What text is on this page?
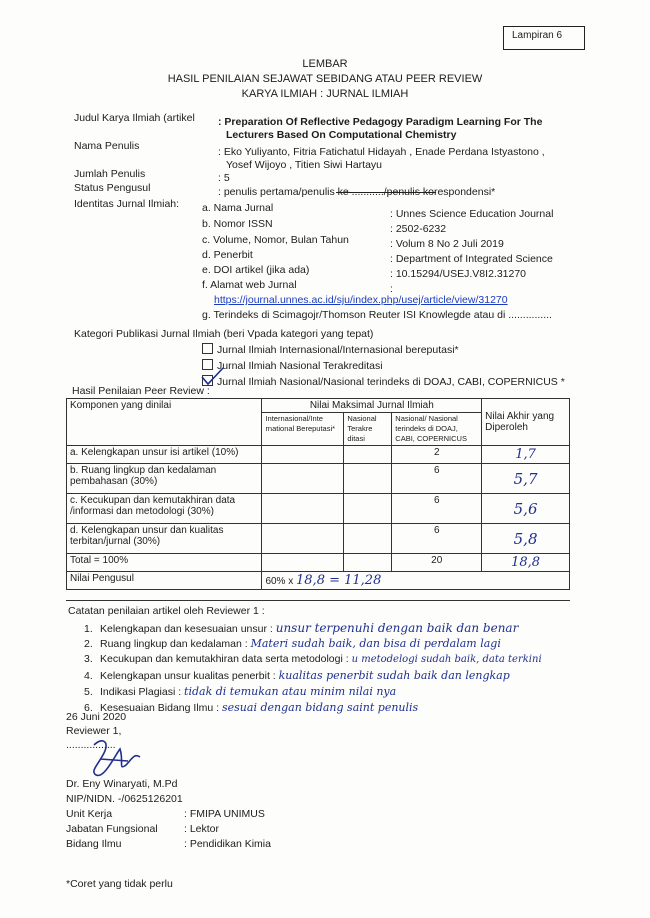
Lampiran 6
LEMBAR
HASIL PENILAIAN SEJAWAT SEBIDANG ATAU PEER REVIEW
KARYA ILMIAH : JURNAL ILMIAH
Judul Karya Ilmiah (artikel : Preparation Of Reflective Pedagogy Paradigm Learning For The
Lecturers Based On Computational Chemistry
Nama Penulis	: Eko Yuliyanto, Fitria Fatichatul Hidayah , Enade Perdana Istyastono ,
Yosef Wijoyo , Titien Siwi Hartayu
Jumlah Penulis	: 5
Status Pengusul	: penulis pertama/penulis ke .........../penulis korespondensi*
Identitas Jurnal Ilmiah: a. Nama Jurnal	: Unnes Science Education Journal
b. Nomor ISSN	: 2502-6232
c. Volume, Nomor, Bulan Tahun	: Volum 8 No 2 Juli 2019
d. Penerbit	: Department of Integrated Science
e. DOI artikel (jika ada)	: 10.15294/USEJ.V8I2.31270
f. Alamat web Jurnal	:
https://journal.unnes.ac.id/sju/index.php/usej/article/view/31270
g. Terindeks di Scimagojr/Thomson Reuter ISI Knowlegde atau di ...............
Kategori Publikasi Jurnal Ilmiah (beri Vpada kategori yang tepat)
Jurnal Ilmiah Internasional/Internasional bereputasi*
Jurnal Ilmiah Nasional Terakreditasi
Jurnal Ilmiah Nasional/Nasional terindeks di DOAJ, CABI, COPERNICUS *
Hasil Penilaian Peer Review :
Komponen yang dinilai	Nilai Maksimal Jurnal Ilmiah			Nilai Akhir yang Diperoleh
	Internasional/Inte rnational Bereputasi*	Nasional Terakre ditasi	Nasional/ Nasional terindeks di DOAJ, CABI, COPERNICUS	
a. Kelengkapan unsur isi artikel (10%)			2	1,7
b. Ruang lingkup dan kedalaman pembahasan (30%)			6	5,7
c. Kecukupan dan kemutakhiran data /informasi dan metodologi (30%)			6	5,6
d. Kelengkapan unsur dan kualitas terbitan/jurnal (30%)			6	5,8
Total = 100%			20	18,8
Nilai Pengusul	60% x 18,8 = 11,28			
Catatan penilaian artikel oleh Reviewer 1 :
1. Kelengkapan dan kesesuaian unsur : unsur terpenuhi dengan baik dan benar
2. Ruang lingkup dan kedalaman : Materi sudah baik, dan bisa di perdalam lagi
3. Kecukupan dan kemutakhiran data serta metodologi : u metodelogi sudah baik, data terkini
4. Kelengkapan unsur kualitas penerbit : kualitas penerbit sudah baik dan lengkap
5. Indikasi Plagiasi : tidak di temukan atau minim nilai nya
6. Kesesuaian Bidang Ilmu : sesuai dengan bidang saint penulis
26 Juni 2020
Reviewer 1,
.................
Dr. Eny Winaryati, M.Pd
NIP/NIDN. -/0625126201
Unit Kerja	: FMIPA UNIMUS
Jabatan Fungsional	: Lektor
Bidang Ilmu	: Pendidikan Kimia
*Coret yang tidak perlu
